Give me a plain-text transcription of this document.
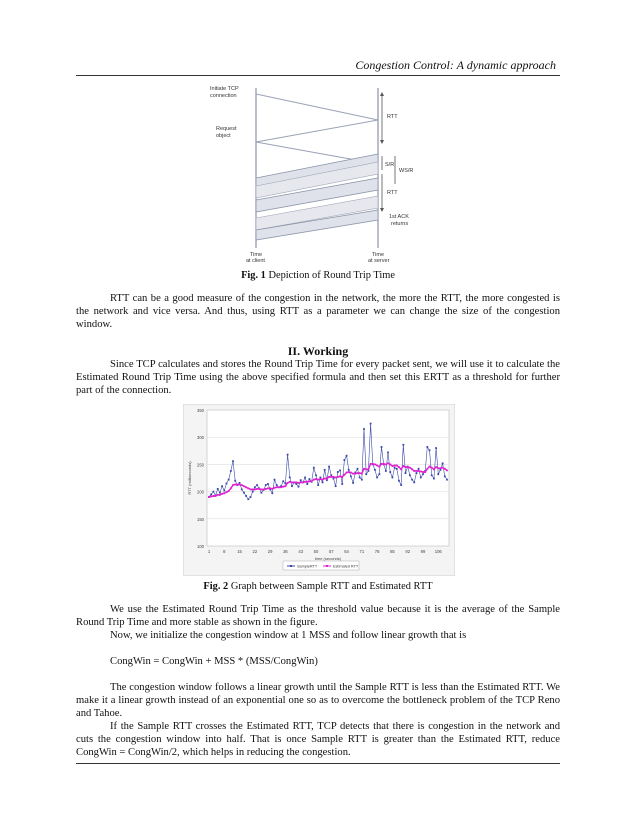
Congestion Control: A dynamic approach
Initiate TCP
connection
Request
object
Time
at client
Time
at server
RTT
S/R
WS/R
RTT
1st ACK
returns
Fig. 1 Depiction of Round Trip Time

RTT can be a good measure of the congestion in the network, the more the RTT, the more congested is the network and vice versa. And thus, using RTT as a parameter we can change the size of the congestion window.

II. Working

Since TCP calculates and stores the Round Trip Time for every packet sent, we will use it to calculate the Estimated Round Trip Time using the above specified formula and then set this ERTT as a threshold for further part of the connection.

100
150
200
250
300
350
1	8	15	22	29	36	43	50	57	64	71	78	85	92	99 106
RTT (milliseconds)
time (seconds)
SampleRTT	Estimated RTT
Fig. 2 Graph between Sample RTT and Estimated RTT

We use the Estimated Round Trip Time as the threshold value because it is the average of the Sample Round Trip Time and more stable as shown in the figure.

Now, we initialize the congestion window at 1 MSS and follow linear growth that is

CongWin = CongWin + MSS * (MSS/CongWin)

The congestion window follows a linear growth until the Sample RTT is less than the Estimated RTT. We make it a linear growth instead of an exponential one so as to overcome the bottleneck problem of the TCP Reno and Tahoe.

If the Sample RTT crosses the Estimated RTT, TCP detects that there is congestion in the network and cuts the congestion window into half. That is once Sample RTT is greater than the Estimated RTT, reduce CongWin = CongWin/2, which helps in reducing the congestion.
